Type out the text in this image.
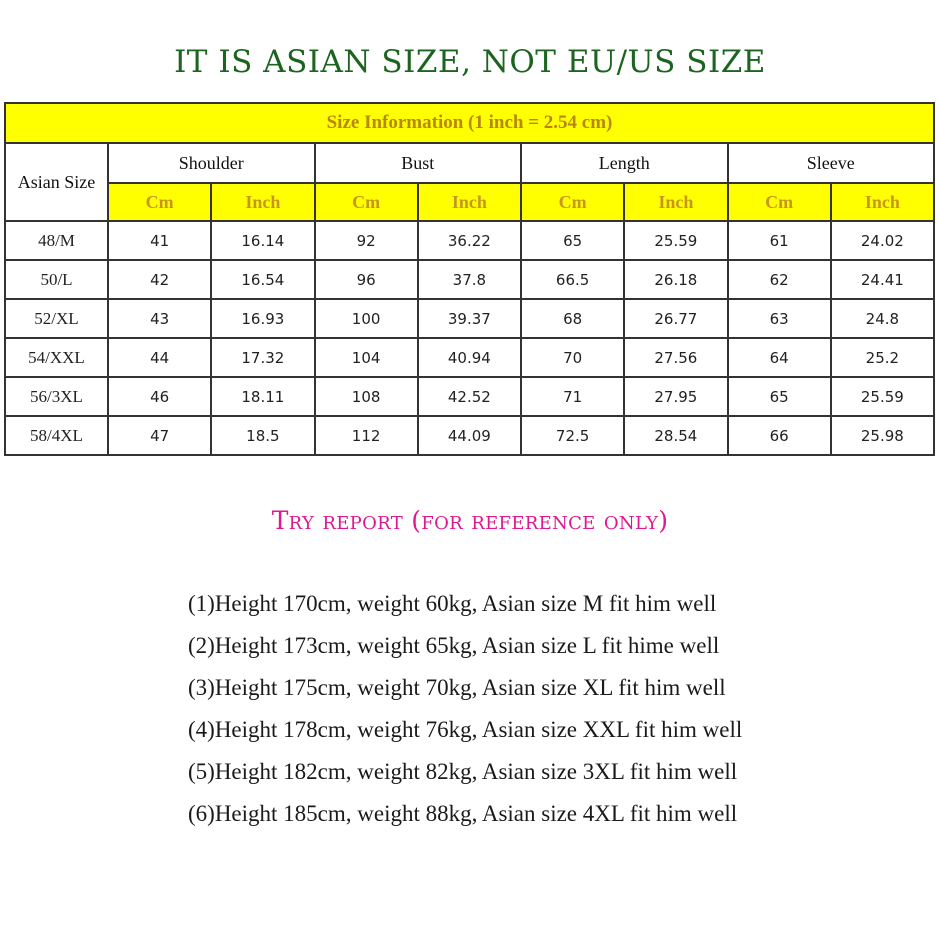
IT IS ASIAN SIZE, NOT EU/US SIZE
Size Information (1 inch = 2.54 cm)								
Asian Size	Shoulder		Bust		Length		Sleeve	
	Cm	Inch	Cm	Inch	Cm	Inch	Cm	Inch
48/M	41	16.14	92	36.22	65	25.59	61	24.02
50/L	42	16.54	96	37.8	66.5	26.18	62	24.41
52/XL	43	16.93	100	39.37	68	26.77	63	24.8
54/XXL	44	17.32	104	40.94	70	27.56	64	25.2
56/3XL	46	18.11	108	42.52	71	27.95	65	25.59
58/4XL	47	18.5	112	44.09	72.5	28.54	66	25.98
Try report (for reference only)
(1)Height 170cm, weight 60kg, Asian size M fit him well
(2)Height 173cm, weight 65kg, Asian size L fit hime well
(3)Height 175cm, weight 70kg, Asian size XL fit him well
(4)Height 178cm, weight 76kg, Asian size XXL fit him well
(5)Height 182cm, weight 82kg, Asian size 3XL fit him well
(6)Height 185cm, weight 88kg, Asian size 4XL fit him well
